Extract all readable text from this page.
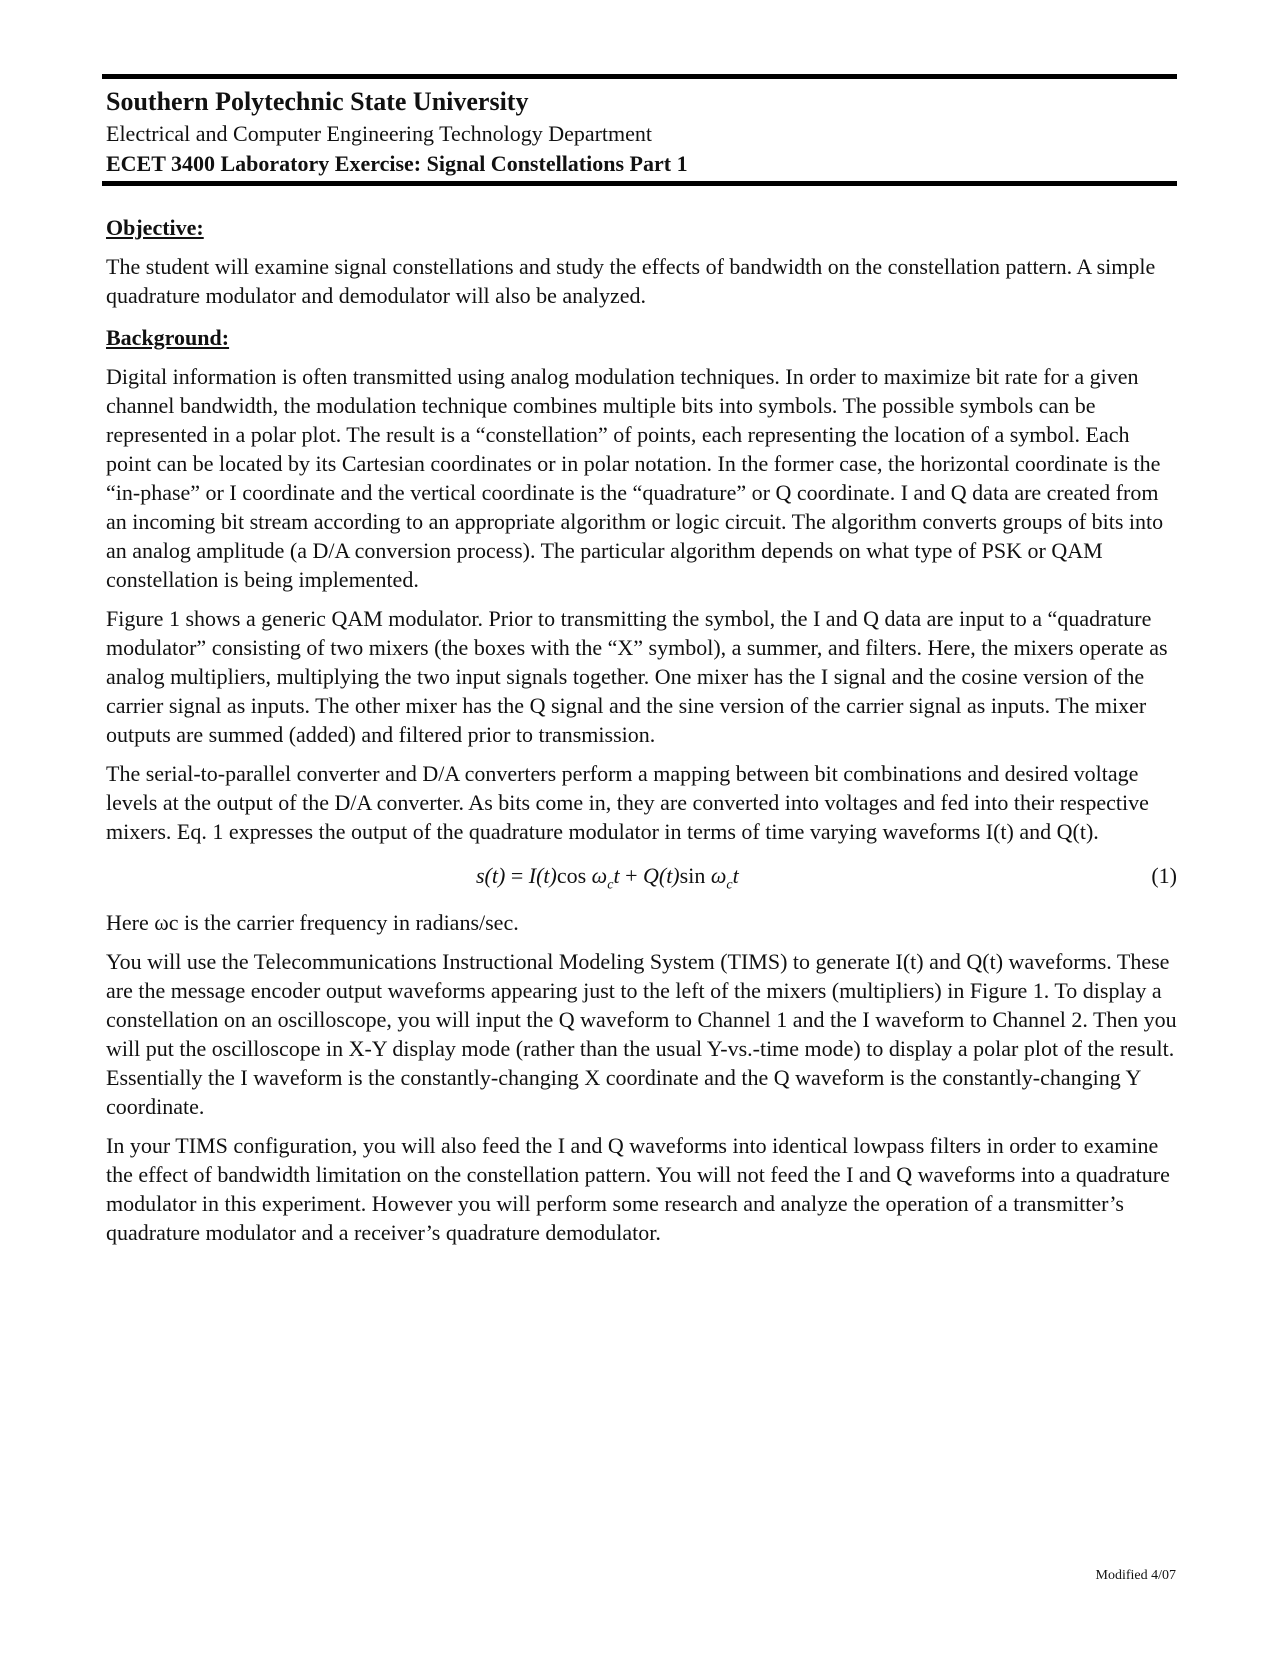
Southern Polytechnic State University
Electrical and Computer Engineering Technology Department
ECET 3400 Laboratory Exercise: Signal Constellations Part 1
Objective:

The student will examine signal constellations and study the effects of bandwidth on the constellation pattern. A simple quadrature modulator and demodulator will also be analyzed.

Background:

Digital information is often transmitted using analog modulation techniques. In order to maximize bit rate for a given channel bandwidth, the modulation technique combines multiple bits into symbols. The possible symbols can be represented in a polar plot. The result is a “constellation” of points, each representing the location of a symbol. Each point can be located by its Cartesian coordinates or in polar notation. In the former case, the horizontal coordinate is the “in-phase” or I coordinate and the vertical coordinate is the “quadrature” or Q coordinate. I and Q data are created from an incoming bit stream according to an appropriate algorithm or logic circuit. The algorithm converts groups of bits into an analog amplitude (a D/A conversion process). The particular algorithm depends on what type of PSK or QAM constellation is being implemented.

Figure 1 shows a generic QAM modulator. Prior to transmitting the symbol, the I and Q data are input to a “quadrature modulator” consisting of two mixers (the boxes with the “X” symbol), a summer, and filters. Here, the mixers operate as analog multipliers, multiplying the two input signals together. One mixer has the I signal and the cosine version of the carrier signal as inputs. The other mixer has the Q signal and the sine version of the carrier signal as inputs. The mixer outputs are summed (added) and filtered prior to transmission.

The serial-to-parallel converter and D/A converters perform a mapping between bit combinations and desired voltage levels at the output of the D/A converter. As bits come in, they are converted into voltages and fed into their respective mixers. Eq. 1 expresses the output of the quadrature modulator in terms of time varying waveforms I(t) and Q(t).

s(t) = I(t)cos $\omega_ct + Q(t)\sin$ $\omega_ct$	(1)

Here ωc is the carrier frequency in radians/sec.

You will use the Telecommunications Instructional Modeling System (TIMS) to generate I(t) and Q(t) waveforms. These are the message encoder output waveforms appearing just to the left of the mixers (multipliers) in Figure 1. To display a constellation on an oscilloscope, you will input the Q waveform to Channel 1 and the I waveform to Channel 2. Then you will put the oscilloscope in X-Y display mode (rather than the usual Y-vs.-time mode) to display a polar plot of the result. Essentially the I waveform is the constantly-changing X coordinate and the Q waveform is the constantly-changing Y coordinate.

In your TIMS configuration, you will also feed the I and Q waveforms into identical lowpass filters in order to examine the effect of bandwidth limitation on the constellation pattern. You will not feed the I and Q waveforms into a quadrature modulator in this experiment. However you will perform some research and analyze the operation of a transmitter’s quadrature modulator and a receiver’s quadrature demodulator.

Modified 4/07
